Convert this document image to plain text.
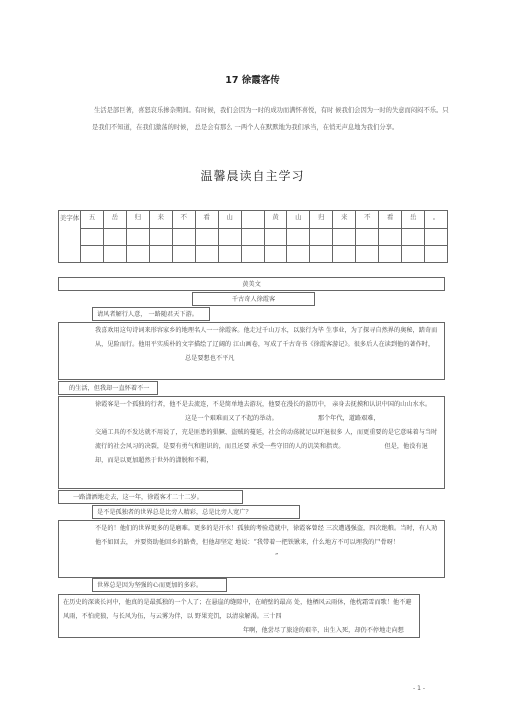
17 徐霞客传
生活是部巨著，喜怒哀乐掺杂期间。有时候，我们会因为一时的成功而满怀喜悦，有时 候我们会因为一时的失意而闷闷不乐。只是我们不知道，在我们激荡的时候， 总是会有那么 一两个人在默默地为我们承当，在悄无声息地为我们分享。
温馨晨读自主学习
美字体	五	岳	归	来	不	看	山		黄	山	归	来	不	看	岳	。

黄美文
千古奇人徐霞客
请风者解行人意， 一路随君天下游。
我喜欢用这句诗词来形容家乡的地理名人一一徐霞客。他走过千山万水，以旅行为毕 生事业，为了探寻自然界的奥秘，踏奇而从，见险而行。他用平实质朴的文字描绘了辽阔的 江山画卷，写成了千古奇书《徐霞客游记》。很多后人在读到他的著作时，总是要想也不平凡
的生活，但我却一直怀着不一
徐霞客是一个孤独的行者，他不是去流连，不是简单地去游玩，他要在漫长的游历中， 亲身去抚摸和认识中国的山山水水。这是一个艰难而又了不起的举动。	那个年代，道路艰难，
交通工具的不发达就不用说了，充是匪患的猖獗、盗贼的蔓延，社会的动荡就足以吓退很多 人，而更重要的是它意味着与当时流行的社会风习的决裂，是要有勇气和胆识的，而且还要 承受一些守旧的人的讥笑和指责。	但是，他没有退却，而是以更加超然于世外的潇脱和不羁，
一路潇洒地走去，这一年，徐霞客才二十二岁。
是不是孤独者的世界总是比旁人精彩，总是比旁人宽广？
不是的！他们的世界更多的是磨难。更多的是汗水！孤独的考验造就中，徐霞客曾经 三次遭遇强盗，四次绝粮。当时，有人劝他不如回去， 并要资助他回乡的路费，但他却坚定 地说：“我带着一把铁锹来，什么地方不可以埋我的尸骨呀！”
世界总是因为坚强的心而更加的多彩。
在历史的深谈长河中，他真的是最孤独的一个人了；在悬崖的缝隙中，在峭壁的最高 处，他栖风云雨休，他枕霜雪而歌！他不避风雨，不怕虎狼，与长风为伍，与云雾为伴，以 野果充饥，以清泉解渴。三十四
年啊，他尝尽了旅途的艰辛，出生入死，却仍不停地走向想
- 1 -
